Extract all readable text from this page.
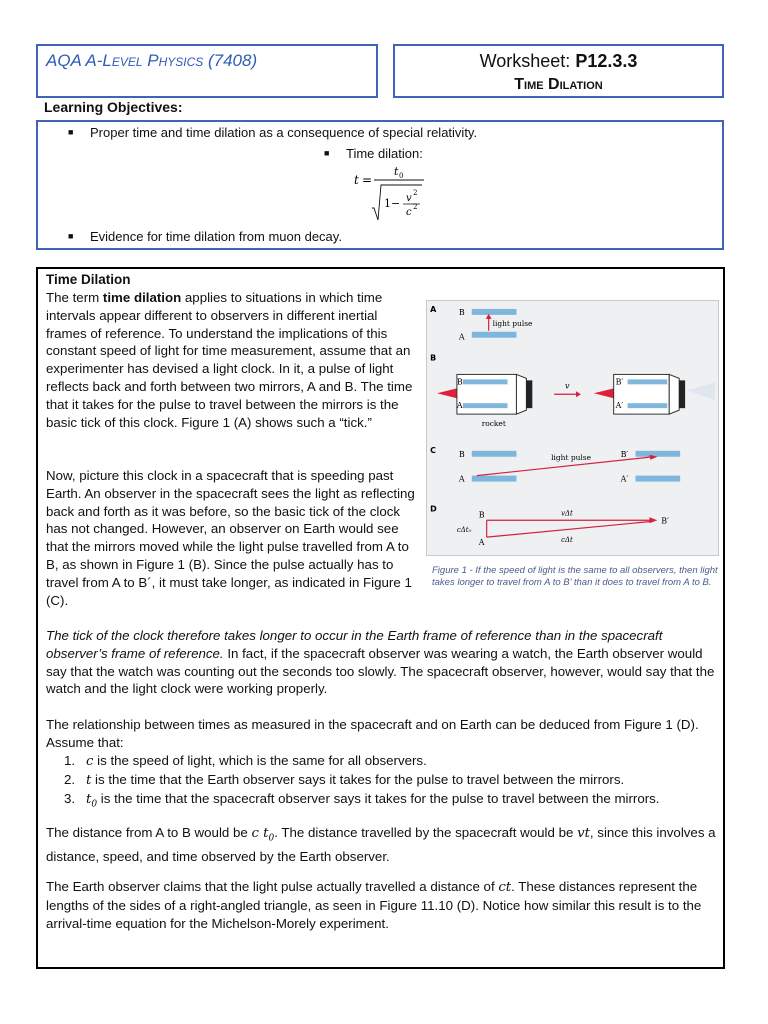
AQA A-Level Physics (7408)	Worksheet: P12.3.3
Time Dilation
Learning Objectives:
■ Proper time and time dilation as a consequence of special relativity.
■ Time dilation:
■ Evidence for time dilation from muon decay.
t =
t 0
1 − v 2
c 2
Time Dilation
The term time dilation applies to situations in which time intervals appear different to observers in different inertial frames of reference. To understand the implications of this constant speed of light for time measurement, assume that an experimenter has devised a light clock. In it, a pulse of light reflects back and forth between two mirrors, A and B. The time that it takes for the pulse to travel between the mirrors is the basic tick of this clock. Figure 1 (A) shows such a “tick.”
Now, picture this clock in a spacecraft that is speeding past Earth. An observer in the spacecraft sees the light as reflecting back and forth as it was before, so the basic tick of the clock has not changed. However, an observer on Earth would see that the mirrors moved while the light pulse travelled from A to B, as shown in Figure 1 (B). Since the pulse actually has to travel from A to B´, it must take longer, as indicated in Figure 1 (C).
The tick of the clock therefore takes longer to occur in the Earth frame of reference than in the spacecraft observer’s frame of reference. In fact, if the spacecraft observer was wearing a watch, the Earth observer would say that the watch was counting out the seconds too slowly. The spacecraft observer, however, would say that the watch and the light clock were working properly.
The relationship between times as measured in the spacecraft and on Earth can be deduced from Figure 1 (D). Assume that:
1. c is the speed of light, which is the same for all observers.
2. t is the time that the Earth observer says it takes for the pulse to travel between the mirrors.
3. $t_0$ is the time that the spacecraft observer says it takes for the pulse to travel between the mirrors.
The distance from A to B would be c $t_0$. The distance travelled by the spacecraft would be vt, since this involves a distance, speed, and time observed by the Earth observer.
The Earth observer claims that the light pulse actually travelled a distance of ct. These distances represent the lengths of the sides of a right-angled triangle, as seen in Figure 11.10 (D). Notice how similar this result is to the arrival-time equation for the Michelson-Morely experiment.
A
B
C
D
B
light pulse
A
B
A
rocket
v	B′
A′
B
A
B′
A′
light pulse
B
B′
A
cΔt₀
vΔt
cΔt
Figure 1 - If the speed of light is the same to all observers, then light takes longer to travel from A to B’ than it does to travel from A to B.
